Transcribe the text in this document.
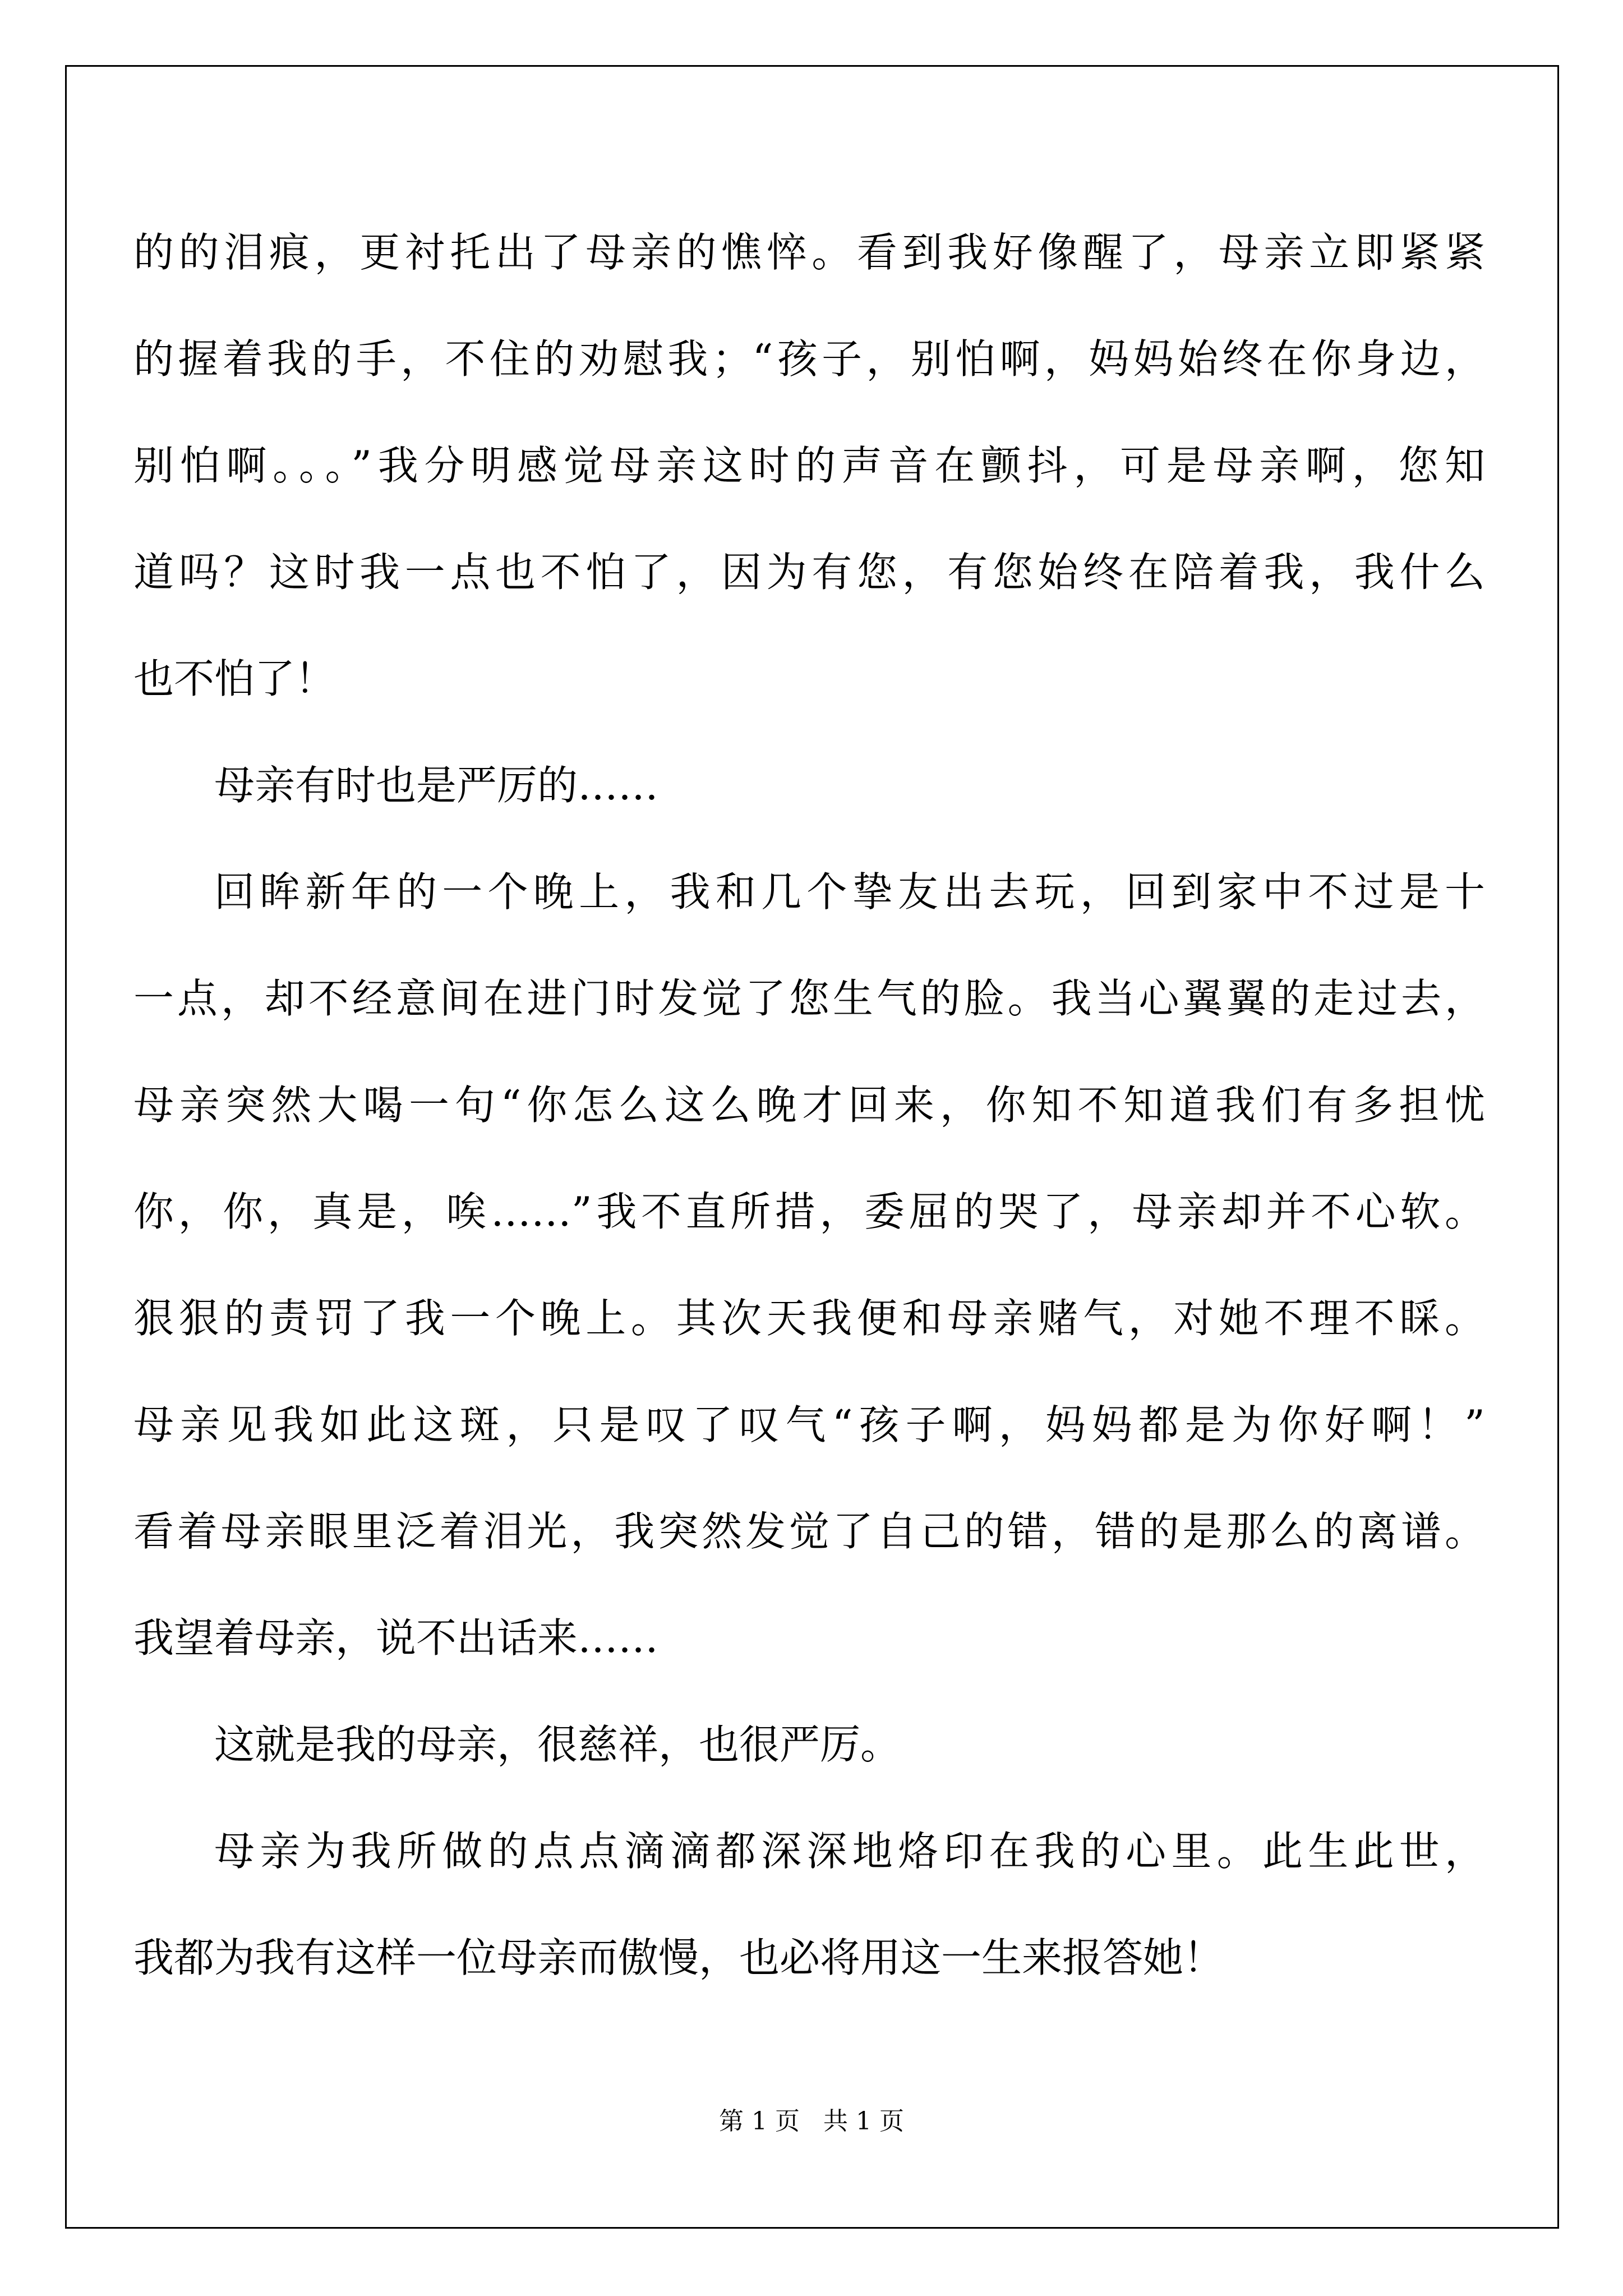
的的泪痕，更衬托出了母亲的憔悴。看到我好像醒了，母亲立即紧紧
的握着我的手，不住的劝慰我；“孩子，别怕啊，妈妈始终在你身边，
别怕啊。。。”我分明感觉母亲这时的声音在颤抖，可是母亲啊，您知
道吗？这时我一点也不怕了，因为有您，有您始终在陪着我，我什么
也不怕了！
母亲有时也是严厉的……
回眸新年的一个晚上，我和几个挚友出去玩，回到家中不过是十
一点，却不经意间在进门时发觉了您生气的脸。我当心翼翼的走过去，
母亲突然大喝一句“你怎么这么晚才回来，你知不知道我们有多担忧
你，你，真是，唉……”我不直所措，委屈的哭了，母亲却并不心软。
狠狠的责罚了我一个晚上。其次天我便和母亲赌气，对她不理不睬。
母亲见我如此这斑，只是叹了叹气“孩子啊，妈妈都是为你好啊！”
看着母亲眼里泛着泪光，我突然发觉了自己的错，错的是那么的离谱。
我望着母亲，说不出话来……
这就是我的母亲，很慈祥，也很严厉。
母亲为我所做的点点滴滴都深深地烙印在我的心里。此生此世，
我都为我有这样一位母亲而傲慢，也必将用这一生来报答她！
第 1 页   共 1 页
